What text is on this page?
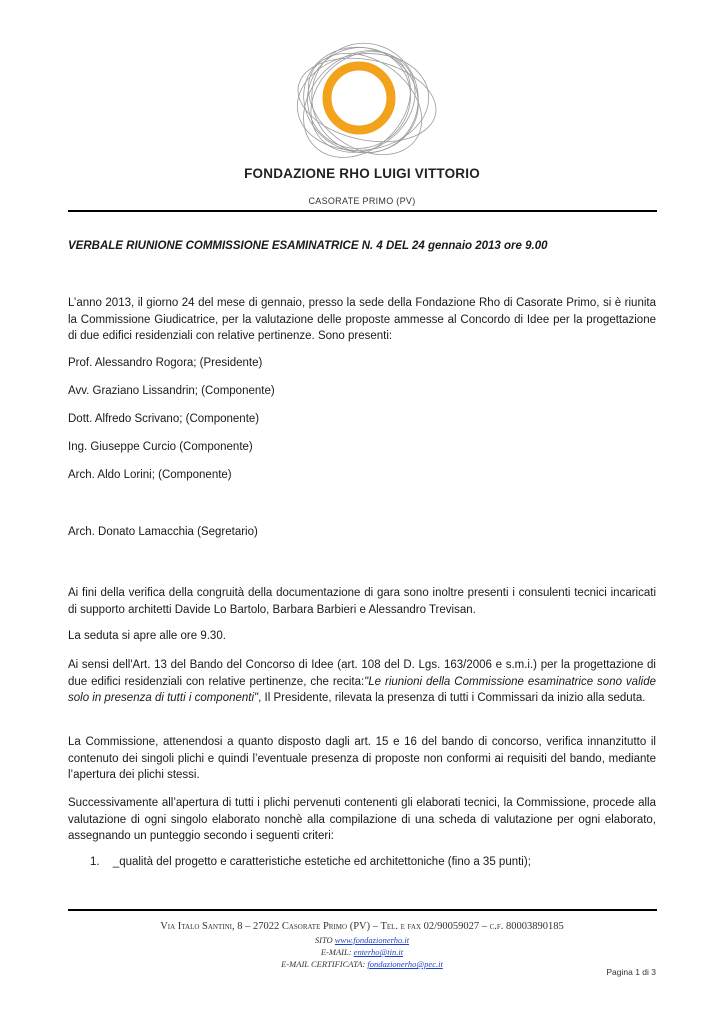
FONDAZIONE RHO LUIGI VITTORIO
CASORATE PRIMO (PV)
VERBALE RIUNIONE COMMISSIONE ESAMINATRICE N. 4 DEL 24 gennaio 2013 ore 9.00
L’anno 2013, il giorno 24 del mese di gennaio, presso la sede della Fondazione Rho di Casorate Primo, si è riunita la Commissione Giudicatrice, per la valutazione delle proposte ammesse al Concordo di Idee per la progettazione di due edifici residenziali con relative pertinenze. Sono presenti:
Prof. Alessandro Rogora; (Presidente)
Avv. Graziano Lissandrin; (Componente)
Dott. Alfredo Scrivano; (Componente)
Ing. Giuseppe Curcio (Componente)
Arch. Aldo Lorini; (Componente)
Arch. Donato Lamacchia (Segretario)
Ai fini della verifica della congruità della documentazione di gara sono inoltre presenti i consulenti tecnici incaricati di supporto architetti Davide Lo Bartolo, Barbara Barbieri e Alessandro Trevisan.
La seduta si apre alle ore 9.30.
Ai sensi dell'Art. 13 del Bando del Concorso di Idee (art. 108 del D. Lgs. 163/2006 e s.m.i.) per la progettazione di due edifici residenziali con relative pertinenze, che recita:"Le riunioni della Commissione esaminatrice sono valide solo in presenza di tutti i componenti", Il Presidente, rilevata la presenza di tutti i Commissari da inizio alla seduta.
La Commissione, attenendosi a quanto disposto dagli art. 15 e 16 del bando di concorso, verifica innanzitutto il contenuto dei singoli plichi e quindi l’eventuale presenza di proposte non conformi ai requisiti del bando, mediante l’apertura dei plichi stessi.
Successivamente all’apertura di tutti i plichi pervenuti contenenti gli elaborati tecnici, la Commissione, procede alla valutazione di ogni singolo elaborato nonchè alla compilazione di una scheda di valutazione per ogni elaborato, assegnando un punteggio secondo i seguenti criteri:
1. _qualità del progetto e caratteristiche estetiche ed architettoniche (fino a 35 punti);
Via Italo Santini, 8 – 27022 Casorate Primo (PV) – Tel. e fax 02/90059027 – c.f. 80003890185
SITO www.fondazionerho.it
E-MAIL: enterho@tin.it
E-MAIL CERTIFICATA: fondazionerho@pec.it
Pagina 1 di 3
